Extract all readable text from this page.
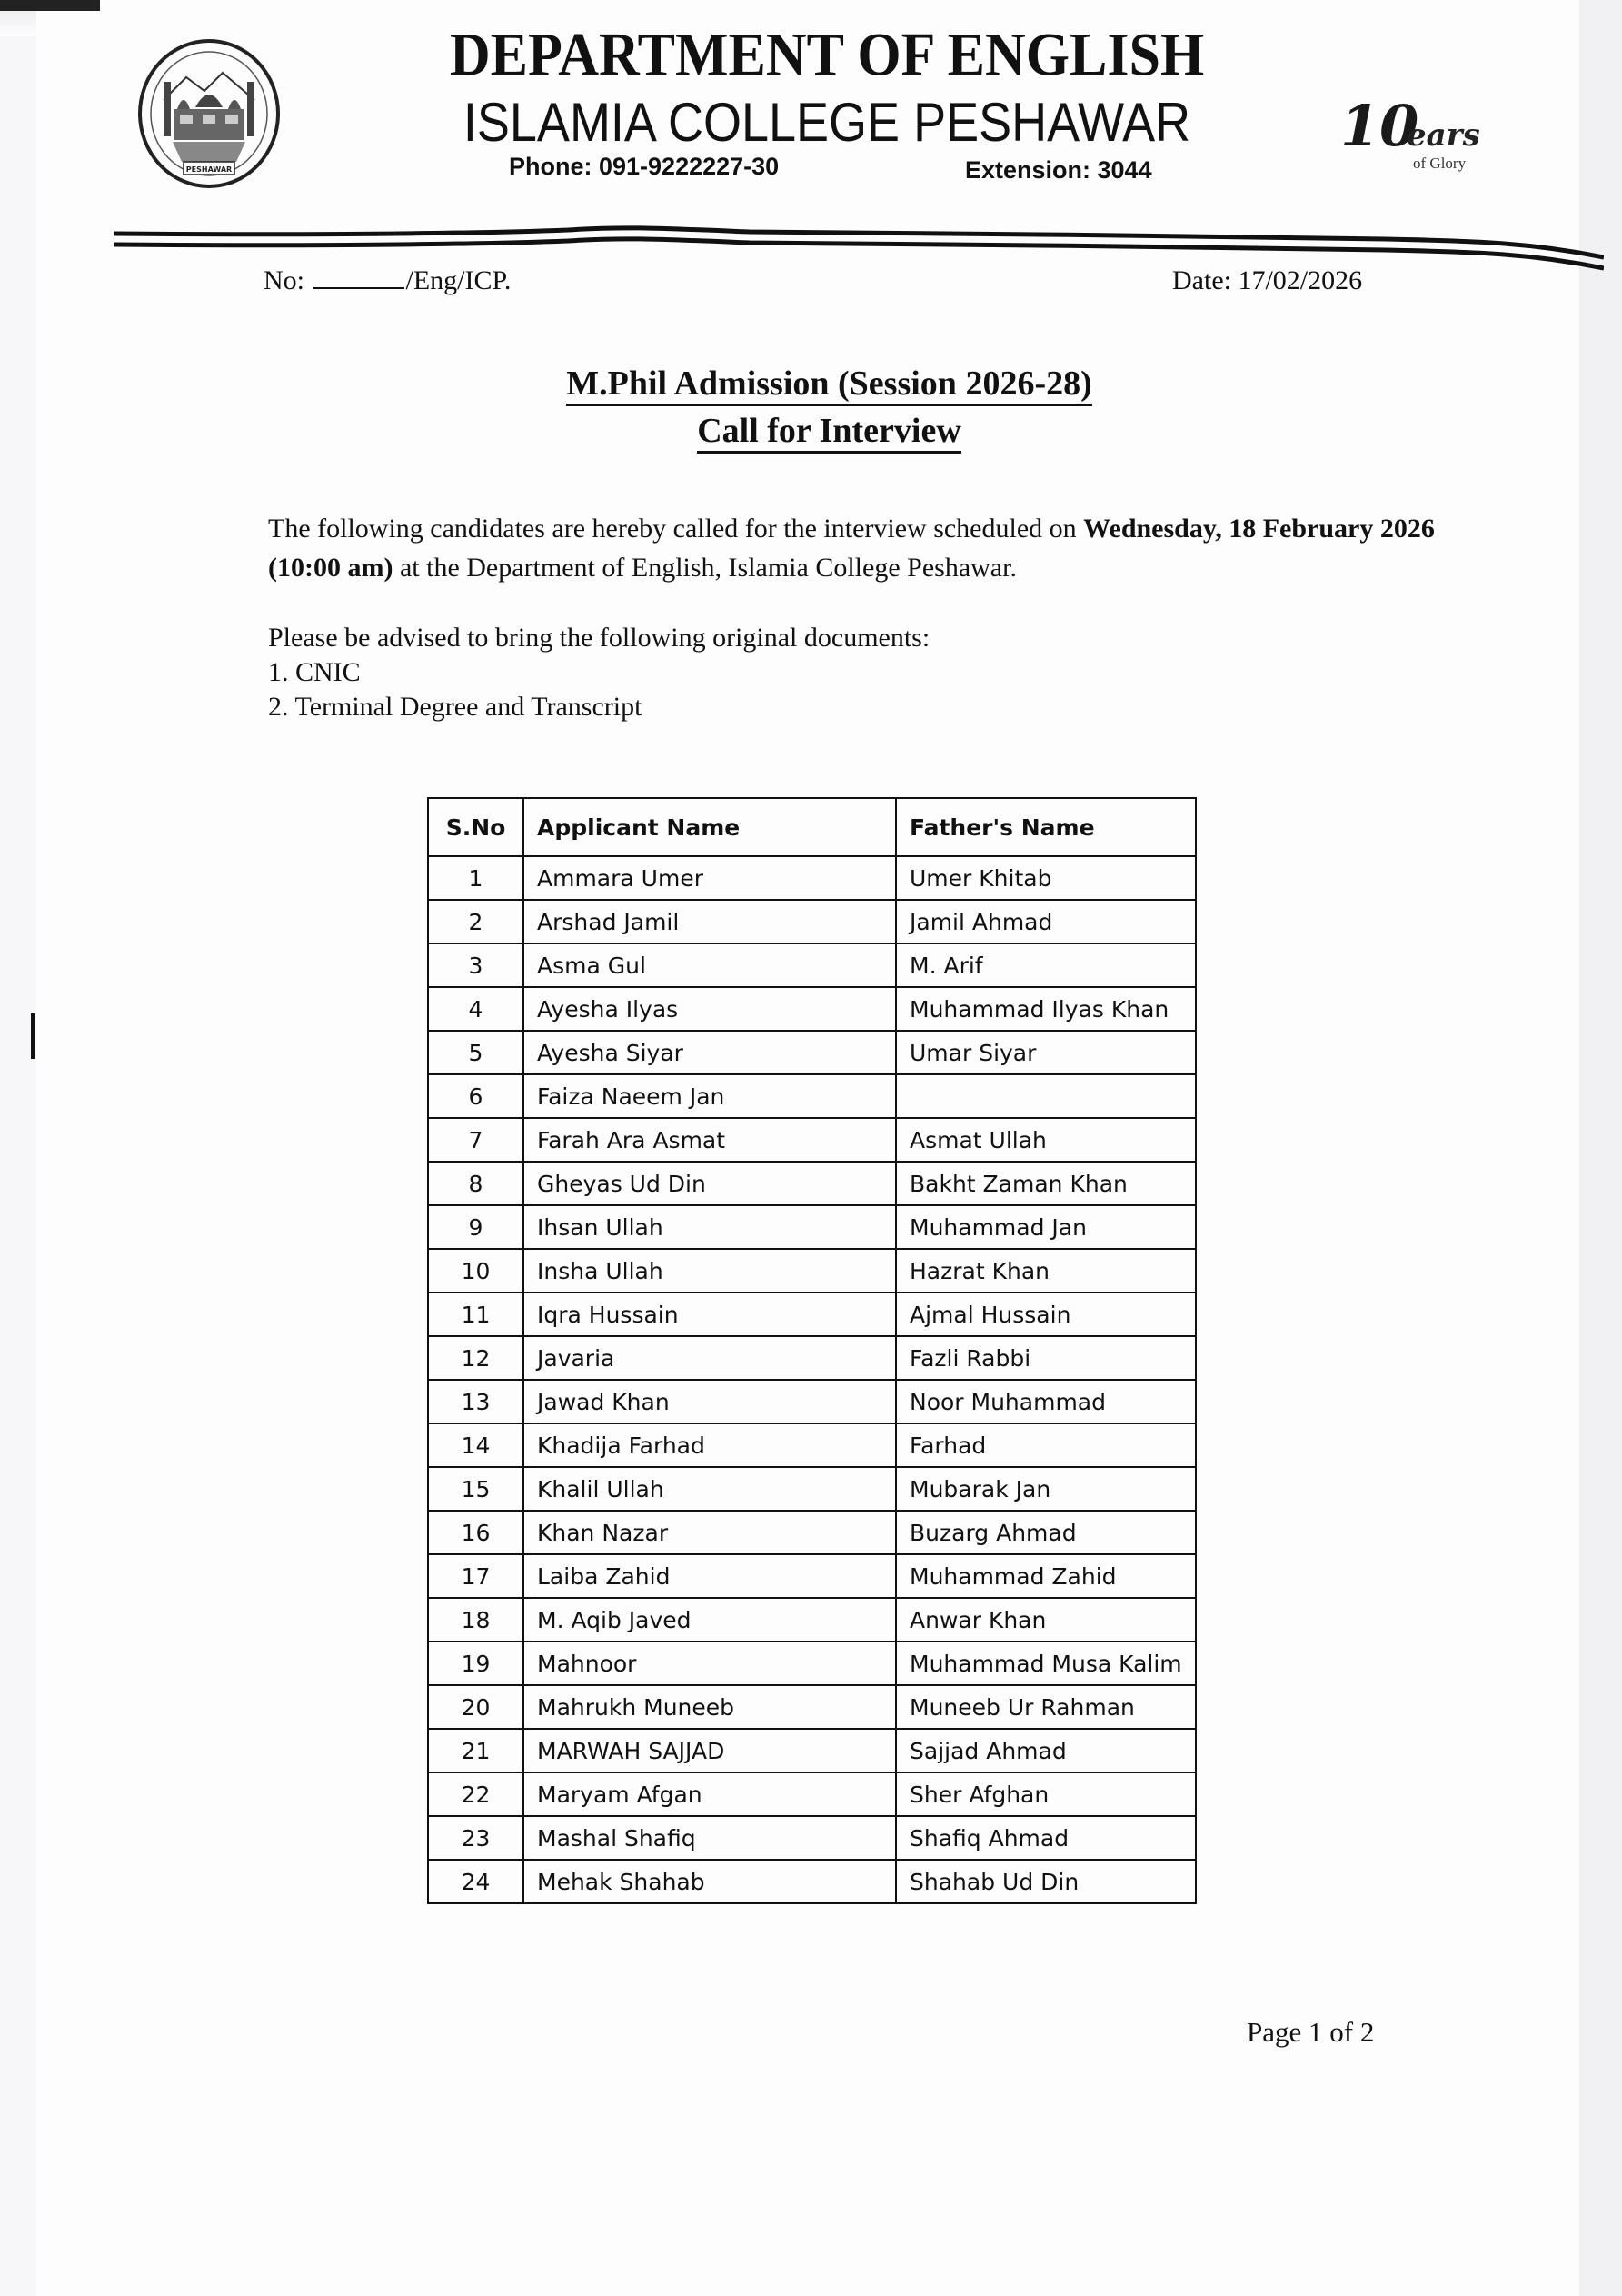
PESHAWAR
DEPARTMENT OF ENGLISH
ISLAMIA COLLEGE PESHAWAR
Phone: 091-9222227-30	Extension: 3044
10
ears
of Glory
No:	/Eng/ICP.	Date: 17/02/2026
M.Phil Admission (Session 2026-28)
Call for Interview
The following candidates are hereby called for the interview scheduled on Wednesday, 18 February 2026 (10:00 am) at the Department of English, Islamia College Peshawar.
Please be advised to bring the following original documents:
1. CNIC
2. Terminal Degree and Transcript
S.No	Applicant Name	Father's Name
1	Ammara Umer	Umer Khitab
2	Arshad Jamil	Jamil Ahmad
3	Asma Gul	M. Arif
4	Ayesha Ilyas	Muhammad Ilyas Khan
5	Ayesha Siyar	Umar Siyar
6	Faiza Naeem Jan	
7	Farah Ara Asmat	Asmat Ullah
8	Gheyas Ud Din	Bakht Zaman Khan
9	Ihsan Ullah	Muhammad Jan
10	Insha Ullah	Hazrat Khan
11	Iqra Hussain	Ajmal Hussain
12	Javaria	Fazli Rabbi
13	Jawad Khan	Noor Muhammad
14	Khadija Farhad	Farhad
15	Khalil Ullah	Mubarak Jan
16	Khan Nazar	Buzarg Ahmad
17	Laiba Zahid	Muhammad Zahid
18	M. Aqib Javed	Anwar Khan
19	Mahnoor	Muhammad Musa Kalim
20	Mahrukh Muneeb	Muneeb Ur Rahman
21	MARWAH SAJJAD	Sajjad Ahmad
22	Maryam Afgan	Sher Afghan
23	Mashal Shafiq	Shafiq Ahmad
24	Mehak Shahab	Shahab Ud Din
Page 1 of 2
